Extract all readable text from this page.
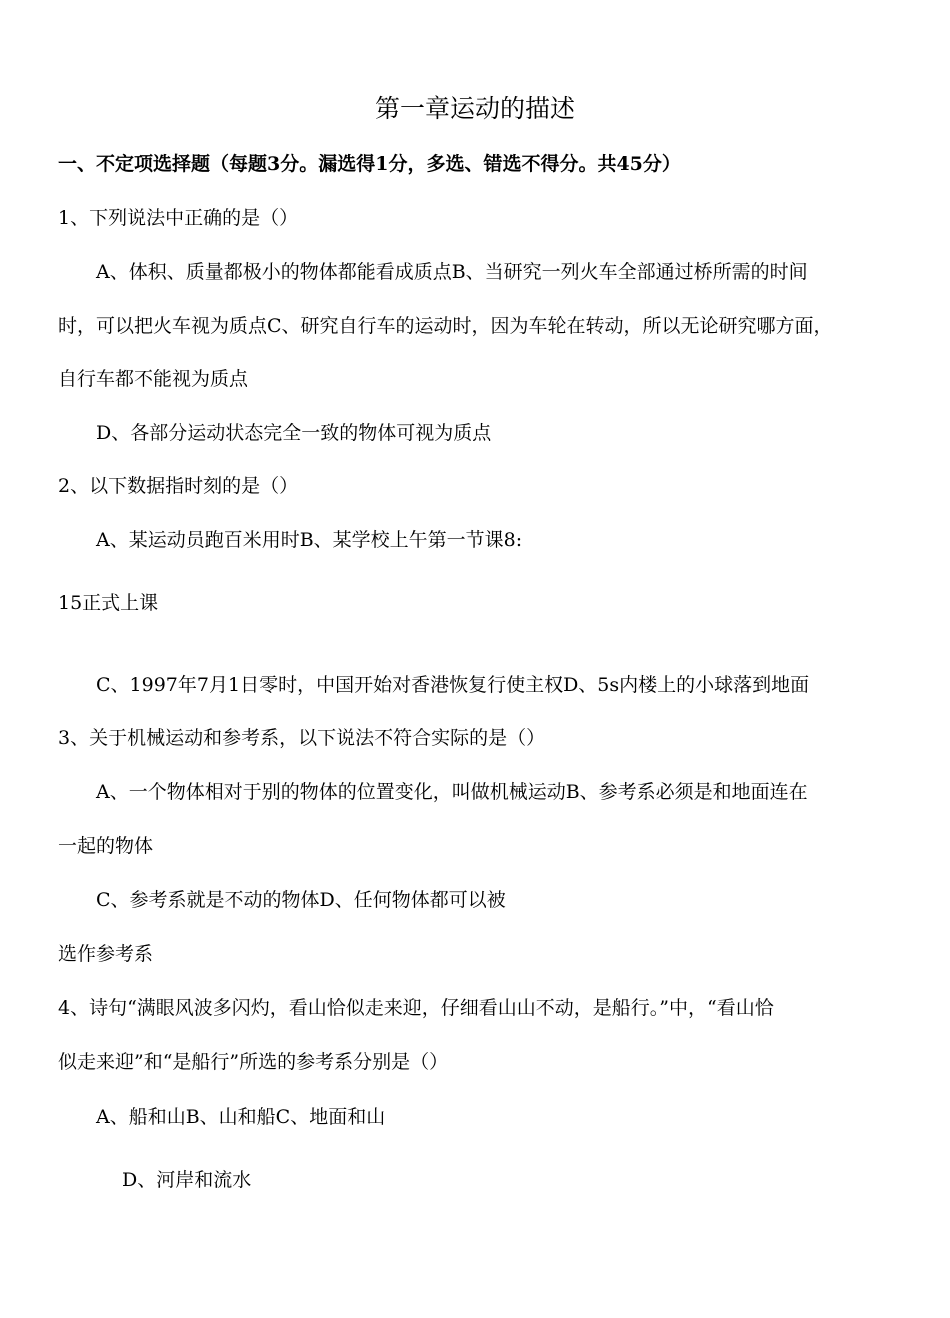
第一章运动的描述
一、不定项选择题（每题3分。漏选得1分，多选、错选不得分。共45分）
1、下列说法中正确的是（）
A、体积、质量都极小的物体都能看成质点B、当研究一列火车全部通过桥所需的时间
时，可以把火车视为质点C、研究自行车的运动时，因为车轮在转动，所以无论研究哪方面，
自行车都不能视为质点
D、各部分运动状态完全一致的物体可视为质点
2、以下数据指时刻的是（）
A、某运动员跑百米用时B、某学校上午第一节课8:
15正式上课
C、1997年7月1日零时，中国开始对香港恢复行使主权D、5s内楼上的小球落到地面
3、关于机械运动和参考系，以下说法不符合实际的是（）
A、一个物体相对于别的物体的位置变化，叫做机械运动B、参考系必须是和地面连在
一起的物体
C、参考系就是不动的物体D、任何物体都可以被
选作参考系
4、诗句“满眼风波多闪灼，看山恰似走来迎，仔细看山山不动，是船行。”中，“看山恰
似走来迎”和“是船行”所选的参考系分别是（）
A、船和山B、山和船C、地面和山
D、河岸和流水
